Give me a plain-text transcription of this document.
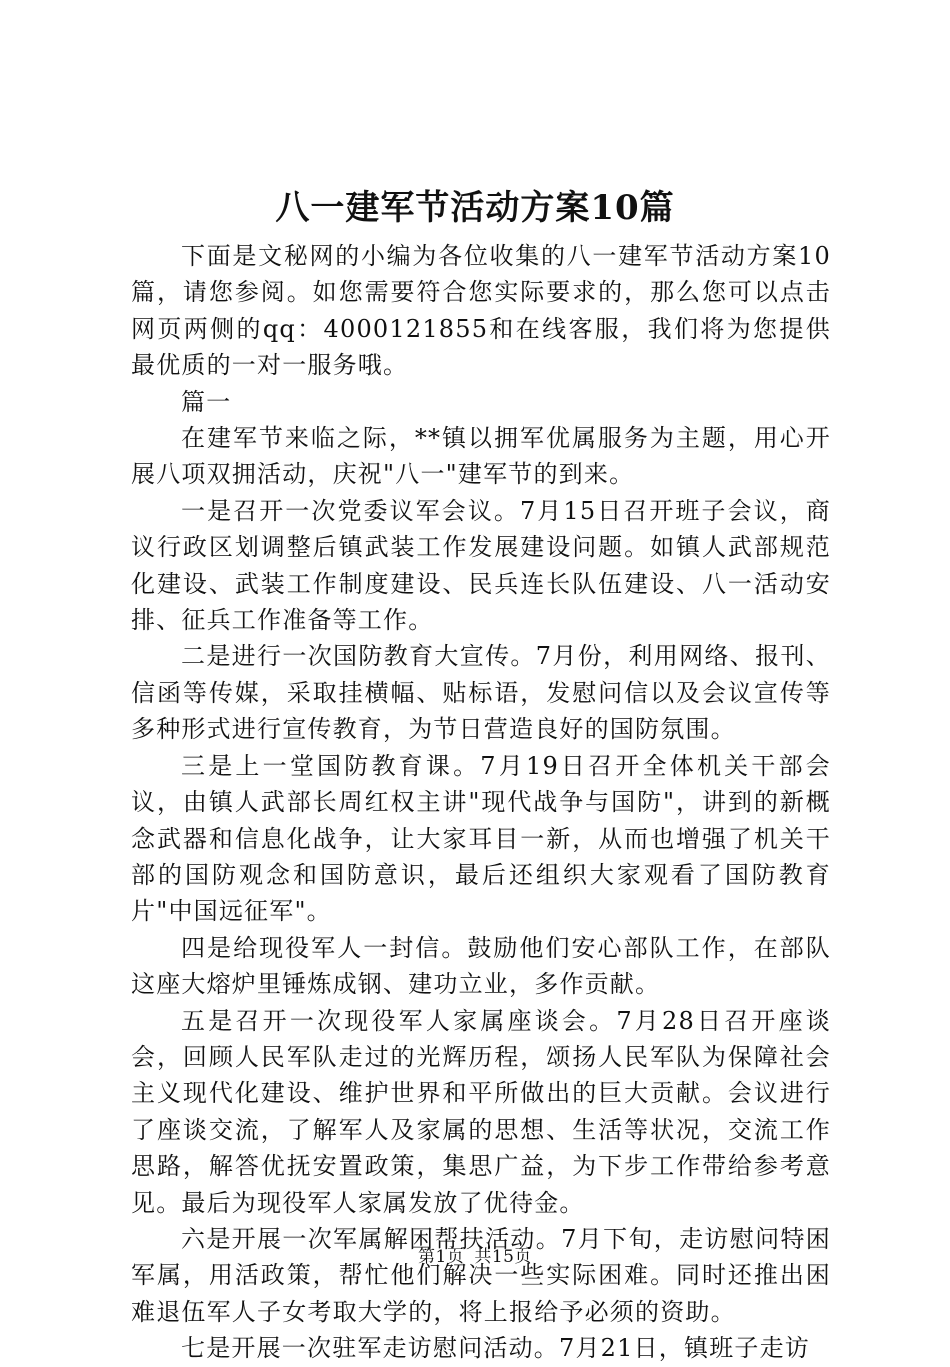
八一建军节活动方案10篇

下面是文秘网的小编为各位收集的八一建军节活动方案10篇，请您参阅。如您需要符合您实际要求的，那么您可以点击网页两侧的qq：4000121855和在线客服，我们将为您提供最优质的一对一服务哦。

篇一

在建军节来临之际，**镇以拥军优属服务为主题，用心开展八项双拥活动，庆祝"八一"建军节的到来。

一是召开一次党委议军会议。7月15日召开班子会议，商议行政区划调整后镇武装工作发展建设问题。如镇人武部规范化建设、武装工作制度建设、民兵连长队伍建设、八一活动安排、征兵工作准备等工作。

二是进行一次国防教育大宣传。7月份，利用网络、报刊、信函等传媒，采取挂横幅、贴标语，发慰问信以及会议宣传等多种形式进行宣传教育，为节日营造良好的国防氛围。

三是上一堂国防教育课。7月19日召开全体机关干部会议，由镇人武部长周红权主讲"现代战争与国防"，讲到的新概念武器和信息化战争，让大家耳目一新，从而也增强了机关干部的国防观念和国防意识，最后还组织大家观看了国防教育片"中国远征军"。

四是给现役军人一封信。鼓励他们安心部队工作，在部队这座大熔炉里锤炼成钢、建功立业，多作贡献。

五是召开一次现役军人家属座谈会。7月28日召开座谈会，回顾人民军队走过的光辉历程，颂扬人民军队为保障社会主义现代化建设、维护世界和平所做出的巨大贡献。会议进行了座谈交流，了解军人及家属的思想、生活等状况，交流工作思路，解答优抚安置政策，集思广益，为下步工作带给参考意见。最后为现役军人家属发放了优待金。

六是开展一次军属解困帮扶活动。7月下旬，走访慰问特困军属，用活政策，帮忙他们解决一些实际困难。同时还推出困难退伍军人子女考取大学的，将上报给予必须的资助。

七是开展一次驻军走访慰问活动。7月21日，镇班子走访

第1页 共15页
